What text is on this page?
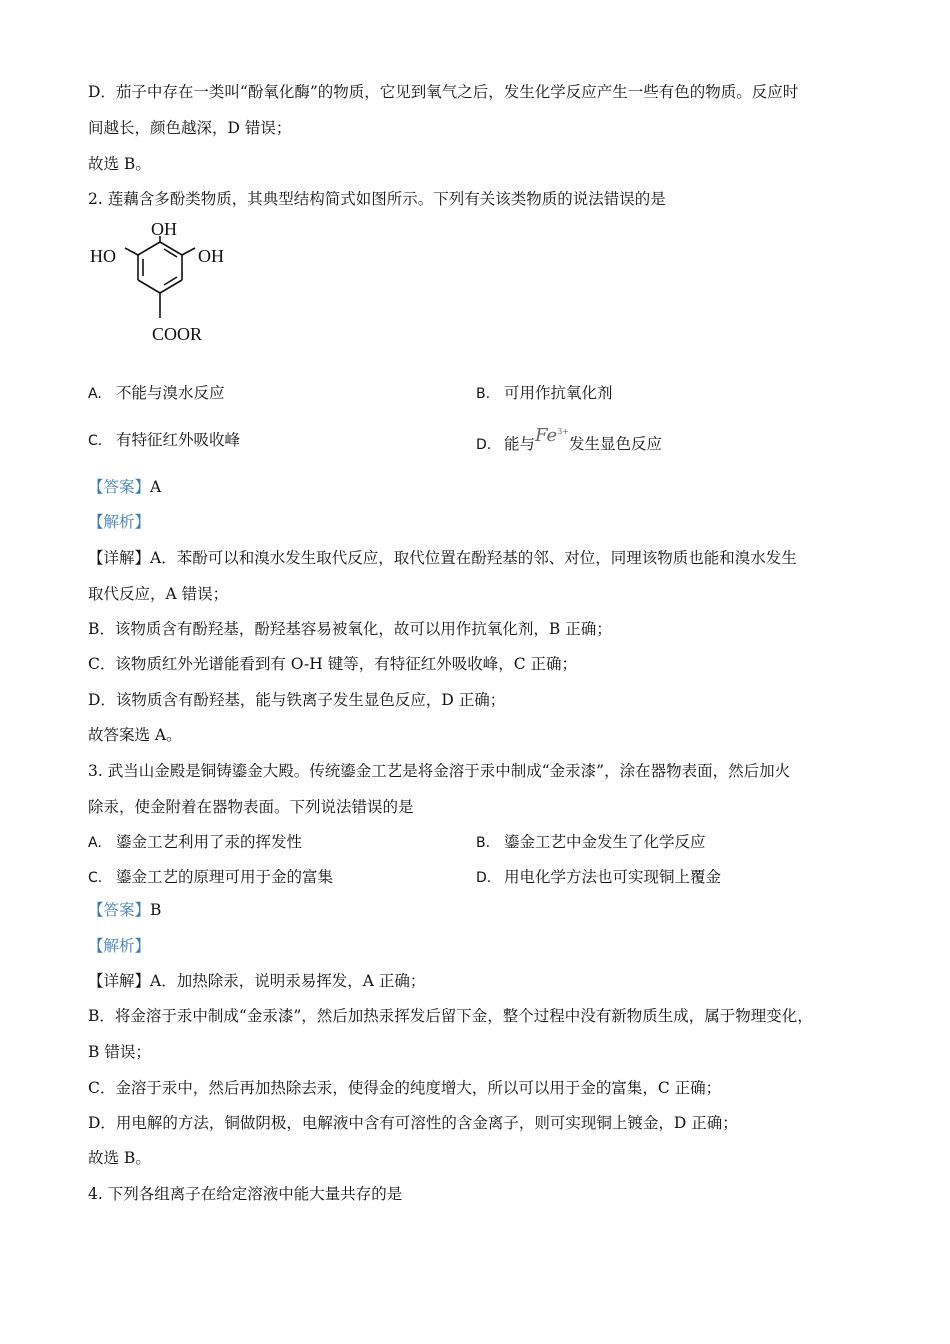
D．茄子中存在一类叫“酚氧化酶”的物质，它见到氧气之后，发生化学反应产生一些有色的物质。反应时
间越长，颜色越深，D 错误；
故选 B。
2. 莲藕含多酚类物质，其典型结构简式如图所示。下列有关该类物质的说法错误的是
OH
HO	OH
COOR
A. 不能与溴水反应	B. 可用作抗氧化剂
C. 有特征红外吸收峰	D. 能与$Fe^{3+}$发生显色反应
【答案】A
【解析】
【详解】A．苯酚可以和溴水发生取代反应，取代位置在酚羟基的邻、对位，同理该物质也能和溴水发生
取代反应，A 错误；
B．该物质含有酚羟基，酚羟基容易被氧化，故可以用作抗氧化剂，B 正确；
C．该物质红外光谱能看到有 O-H 键等，有特征红外吸收峰，C 正确；
D．该物质含有酚羟基，能与铁离子发生显色反应，D 正确；
故答案选 A。
3. 武当山金殿是铜铸鎏金大殿。传统鎏金工艺是将金溶于汞中制成“金汞漆”，涂在器物表面，然后加火
除汞，使金附着在器物表面。下列说法错误的是
A. 鎏金工艺利用了汞的挥发性	B. 鎏金工艺中金发生了化学反应
C. 鎏金工艺的原理可用于金的富集	D. 用电化学方法也可实现铜上覆金
【答案】B
【解析】
【详解】A．加热除汞，说明汞易挥发，A 正确；
B．将金溶于汞中制成“金汞漆”，然后加热汞挥发后留下金，整个过程中没有新物质生成，属于物理变化，
B 错误；
C．金溶于汞中，然后再加热除去汞，使得金的纯度增大，所以可以用于金的富集，C 正确；
D．用电解的方法，铜做阴极，电解液中含有可溶性的含金离子，则可实现铜上镀金，D 正确；
故选 B。
4. 下列各组离子在给定溶液中能大量共存的是
